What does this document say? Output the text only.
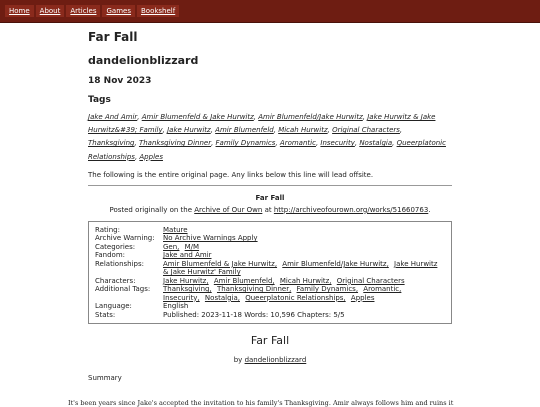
Home	About	Articles	Games	Bookshelf
Far Fall
dandelionblizzard
18 Nov 2023
Tags
Jake And Amir, Amir Blumenfeld & Jake Hurwitz, Amir Blumenfeld/Jake Hurwitz, Jake Hurwitz & Jake Hurwitz&#39; Family, Jake Hurwitz, Amir Blumenfeld, Micah Hurwitz, Original Characters, Thanksgiving, Thanksgiving Dinner, Family Dynamics, Aromantic, Insecurity, Nostalgia, Queerplatonic Relationships, Apples
The following is the entire original page. Any links below this line will lead offsite.
Far Fall
Posted originally on the Archive of Our Own at http://archiveofourown.org/works/51660763.
Rating:	Mature
Archive Warning:	No Archive Warnings Apply
Categories:	Gen, M/M
Fandom:	Jake and Amir
Relationships:	Amir Blumenfeld & Jake Hurwitz, Amir Blumenfeld/Jake Hurwitz, Jake Hurwitz & Jake Hurwitz' Family
Characters:	Jake Hurwitz, Amir Blumenfeld, Micah Hurwitz, Original Characters
Additional Tags:	Thanksgiving, Thanksgiving Dinner, Family Dynamics, Aromantic, Insecurity, Nostalgia, Queerplatonic Relationships, Apples
Language:	English
Stats:	Published: 2023-11-18 Words: 10,596 Chapters: 5/5
Far Fall
by dandelionblizzard
Summary
It's been years since Jake's accepted the invitation to his family's Thanksgiving. Amir always follows him and ruins it
